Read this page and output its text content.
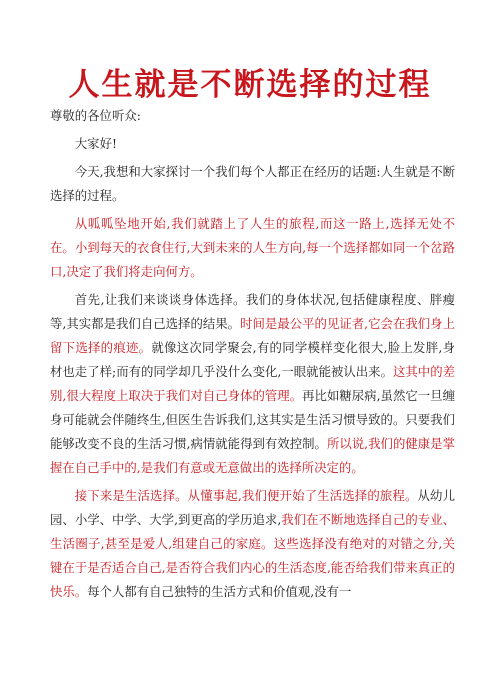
人生就是不断选择的过程

尊敬的各位听众:

大家好!

今天,我想和大家探讨一个我们每个人都正在经历的话题:人生就是不断选择的过程。

从呱呱坠地开始,我们就踏上了人生的旅程,而这一路上,选择无处不在。小到每天的衣食住行,大到未来的人生方向,每一个选择都如同一个岔路口,决定了我们将走向何方。

首先,让我们来谈谈身体选择。我们的身体状况,包括健康程度、胖瘦等,其实都是我们自己选择的结果。时间是最公平的见证者,它会在我们身上留下选择的痕迹。就像这次同学聚会,有的同学模样变化很大,脸上发胖,身材也走了样;而有的同学却几乎没什么变化,一眼就能被认出来。这其中的差别,很大程度上取决于我们对自己身体的管理。再比如糖尿病,虽然它一旦缠身可能就会伴随终生,但医生告诉我们,这其实是生活习惯导致的。只要我们能够改变不良的生活习惯,病情就能得到有效控制。所以说,我们的健康是掌握在自己手中的,是我们有意或无意做出的选择所决定的。

接下来是生活选择。从懂事起,我们便开始了生活选择的旅程。从幼儿园、小学、中学、大学,到更高的学历追求,我们在不断地选择自己的专业、生活圈子,甚至是爱人,组建自己的家庭。这些选择没有绝对的对错之分,关键在于是否适合自己,是否符合我们内心的生活态度,能否给我们带来真正的快乐。每个人都有自己独特的生活方式和价值观,没有一
